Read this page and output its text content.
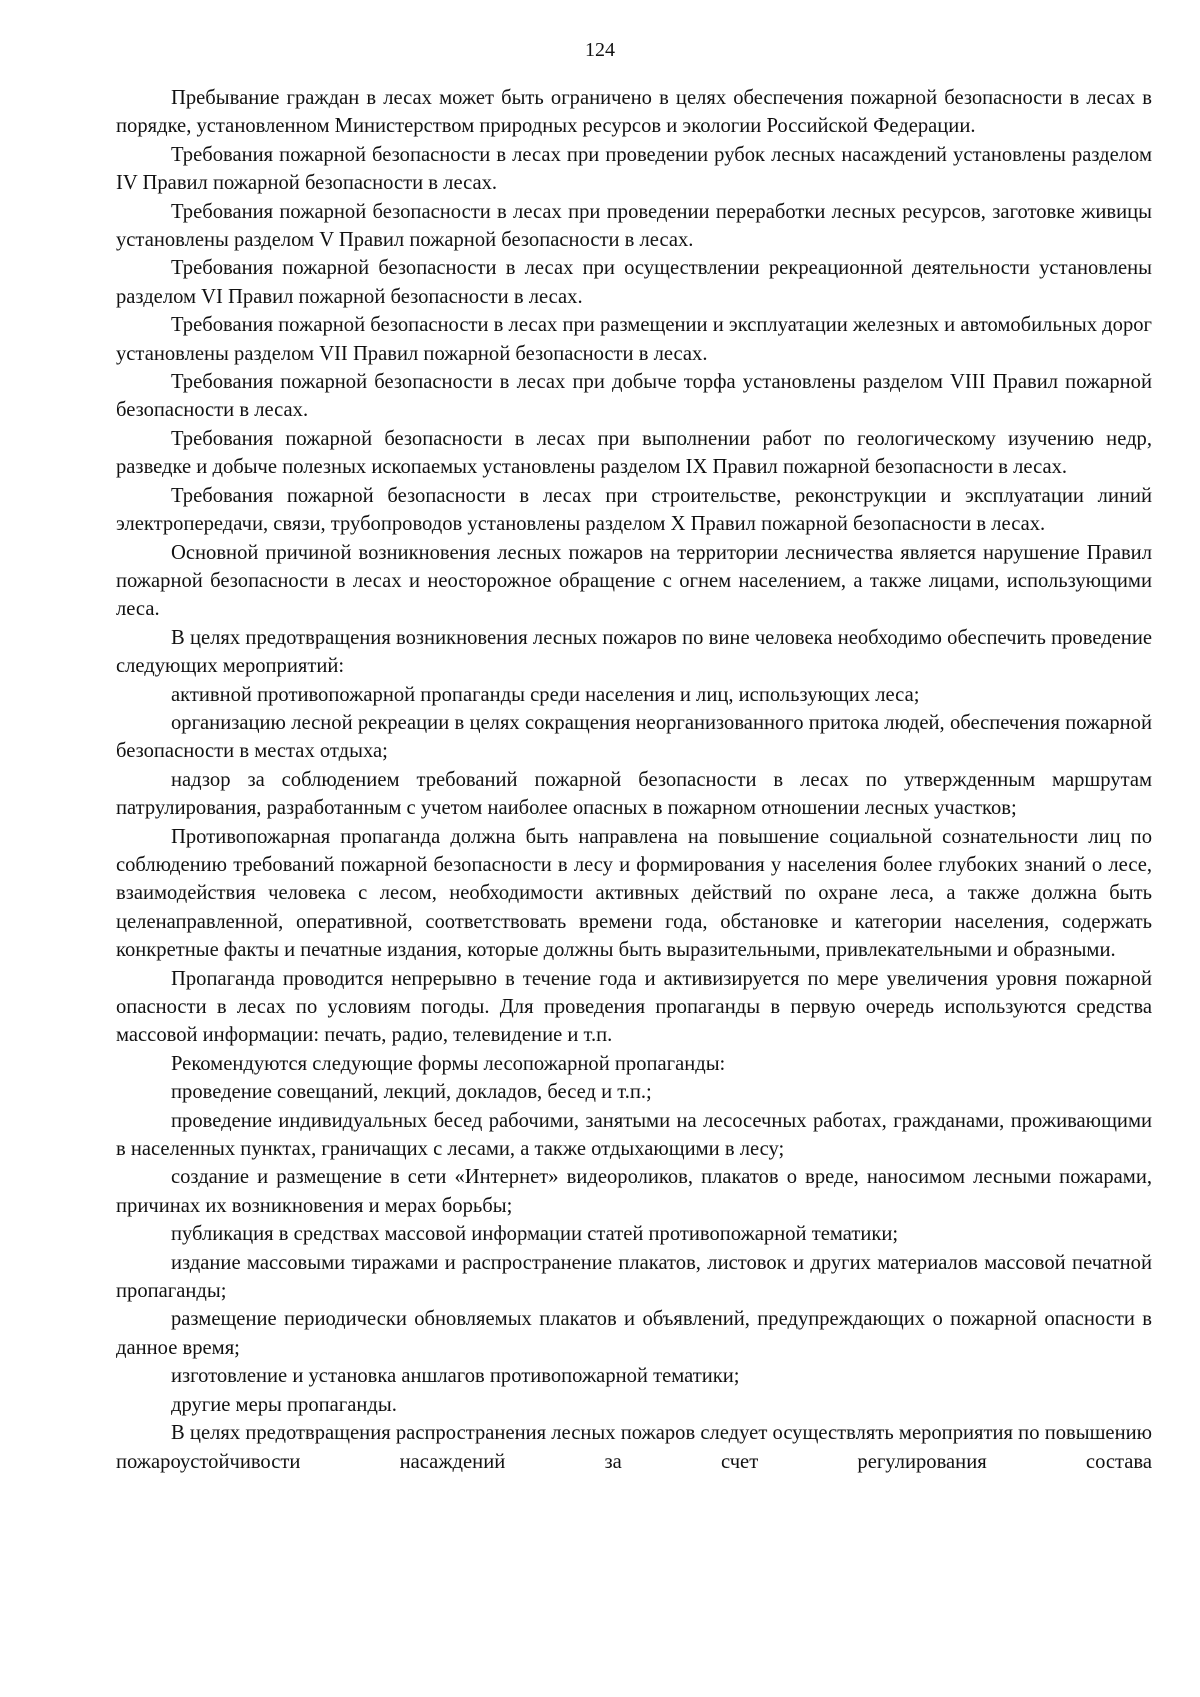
124

Пребывание граждан в лесах может быть ограничено в целях обеспечения пожарной безопасности в лесах в порядке, установленном Министерством природных ресурсов и экологии Российской Федерации.

Требования пожарной безопасности в лесах при проведении рубок лесных насаждений установлены разделом IV Правил пожарной безопасности в лесах.

Требования пожарной безопасности в лесах при проведении переработки лесных ресурсов, заготовке живицы установлены разделом V Правил пожарной безопасности в лесах.

Требования пожарной безопасности в лесах при осуществлении рекреационной деятельности установлены разделом VI Правил пожарной безопасности в лесах.

Требования пожарной безопасности в лесах при размещении и эксплуатации железных и автомобильных дорог установлены разделом VII Правил пожарной безопасности в лесах.

Требования пожарной безопасности в лесах при добыче торфа установлены разделом VIII Правил пожарной безопасности в лесах.

Требования пожарной безопасности в лесах при выполнении работ по геологическому изучению недр, разведке и добыче полезных ископаемых установлены разделом IX Правил пожарной безопасности в лесах.

Требования пожарной безопасности в лесах при строительстве, реконструкции и эксплуатации линий электропередачи, связи, трубопроводов установлены разделом X Правил пожарной безопасности в лесах.

Основной причиной возникновения лесных пожаров на территории лесничества является нарушение Правил пожарной безопасности в лесах и неосторожное обращение с огнем населением, а также лицами, использующими леса.

В целях предотвращения возникновения лесных пожаров по вине человека необходимо обеспечить проведение следующих мероприятий:

активной противопожарной пропаганды среди населения и лиц, использующих леса;

организацию лесной рекреации в целях сокращения неорганизованного притока людей, обеспечения пожарной безопасности в местах отдыха;

надзор за соблюдением требований пожарной безопасности в лесах по утвержденным маршрутам патрулирования, разработанным с учетом наиболее опасных в пожарном отношении лесных участков;

Противопожарная пропаганда должна быть направлена на повышение социальной сознательности лиц по соблюдению требований пожарной безопасности в лесу и формирования у населения более глубоких знаний о лесе, взаимодействия человека с лесом, необходимости активных действий по охране леса, а также должна быть целенаправленной, оперативной, соответствовать времени года, обстановке и категории населения, содержать конкретные факты и печатные издания, которые должны быть выразительными, привлекательными и образными.

Пропаганда проводится непрерывно в течение года и активизируется по мере увеличения уровня пожарной опасности в лесах по условиям погоды. Для проведения пропаганды в первую очередь используются средства массовой информации: печать, радио, телевидение и т.п.

Рекомендуются следующие формы лесопожарной пропаганды:

проведение совещаний, лекций, докладов, бесед и т.п.;

проведение индивидуальных бесед рабочими, занятыми на лесосечных работах, гражданами, проживающими в населенных пунктах, граничащих с лесами, а также отдыхающими в лесу;

создание и размещение в сети «Интернет» видеороликов, плакатов о вреде, наносимом лесными пожарами, причинах их возникновения и мерах борьбы;

публикация в средствах массовой информации статей противопожарной тематики;

издание массовыми тиражами и распространение плакатов, листовок и других материалов массовой печатной пропаганды;

размещение периодически обновляемых плакатов и объявлений, предупреждающих о пожарной опасности в данное время;

изготовление и установка аншлагов противопожарной тематики;

другие меры пропаганды.

В целях предотвращения распространения лесных пожаров следует осуществлять мероприятия по повышению пожароустойчивости насаждений за счет регулирования состава
